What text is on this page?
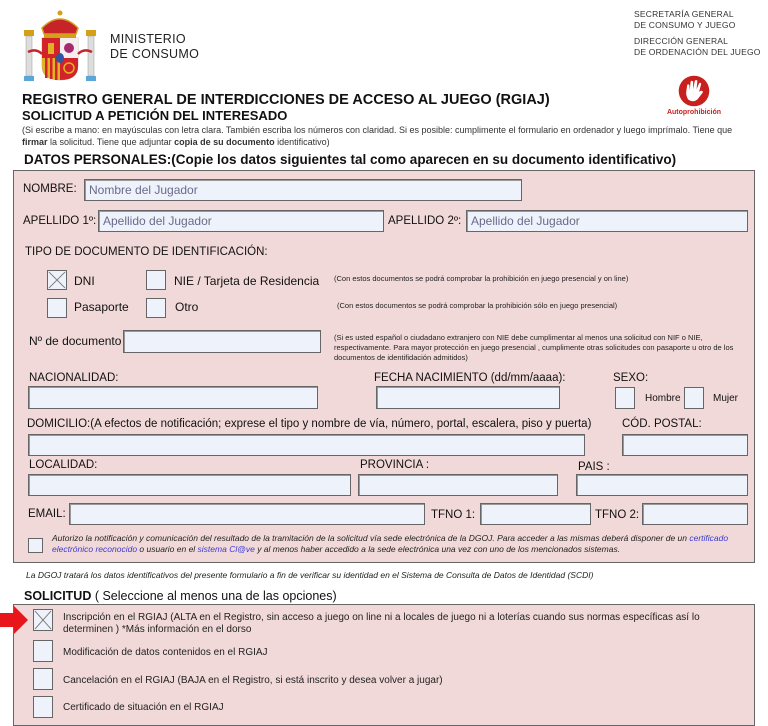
MINISTERIO
DE CONSUMO
SECRETARÍA GENERAL
DE CONSUMO Y JUEGO
DIRECCIÓN GENERAL
DE ORDENACIÓN DEL JUEGO
Autoprohibición
REGISTRO GENERAL DE INTERDICCIONES DE ACCESO AL JUEGO (RGIAJ)
SOLICITUD A PETICIÓN DEL INTERESADO
(Si escribe a mano: en mayúsculas con letra clara. También escriba los números con claridad. Si es posible: cumplimente el formulario en ordenador y luego imprímalo. Tiene que firmar la solicitud. Tiene que adjuntar copia de su documento identificativo)
DATOS PERSONALES:(Copie los datos siguientes tal como aparecen en su documento identificativo)
NOMBRE:	Nombre del Jugador
APELLIDO 1º: Apellido del Jugador	APELLIDO 2º: Apellido del Jugador
TIPO DE DOCUMENTO DE IDENTIFICACIÓN:
DNI	NIE / Tarjeta de Residencia (Con estos documentos se podrá comprobar la prohibición en juego presencial y on line)
Pasaporte	Otro	(Con estos documentos se podrá comprobar la prohibición sólo en juego presencial)
Nº de documento	(Si es usted español o ciudadano extranjero con NIE debe cumplimentar al menos una solicitud con NIF o NIE, respectivamente. Para mayor protección en juego presencial , cumplimente otras solicitudes con pasaporte u otro de los documentos de identifidación admitidos)
NACIONALIDAD:	FECHA NACIMIENTO (dd/mm/aaaa):	SEXO:
Hombre	Mujer
DOMICILIO:(A efectos de notificación; exprese el tipo y nombre de vía, número, portal, escalera, piso y puerta)	CÓD. POSTAL:
LOCALIDAD:	PROVINCIA :	PAIS :
EMAIL:	TFNO 1:	TFNO 2:
Autorizo la notificación y comunicación del resultado de la tramitación de la solicitud vía sede electrónica de la DGOJ. Para acceder a las mismas deberá disponer de un certificado electrónico reconocido o usuario en el sistema Cl@ve y al menos haber accedido a la sede electrónica una vez con uno de los mencionados sistemas.
La DGOJ tratará los datos identificativos del presente formulario a fin de verificar su identidad en el Sistema de Consulta de Datos de Identidad (SCDI)
SOLICITUD ( Seleccione al menos una de las opciones)
Inscripción en el RGIAJ (ALTA en el Registro, sin acceso a juego on line ni a locales de juego ni a loterías cuando sus normas específicas así lo determinen ) *Más información en el dorso
Modificación de datos contenidos en el RGIAJ
Cancelación en el RGIAJ (BAJA en el Registro, si está inscrito y desea volver a jugar)
Certificado de situación en el RGIAJ
